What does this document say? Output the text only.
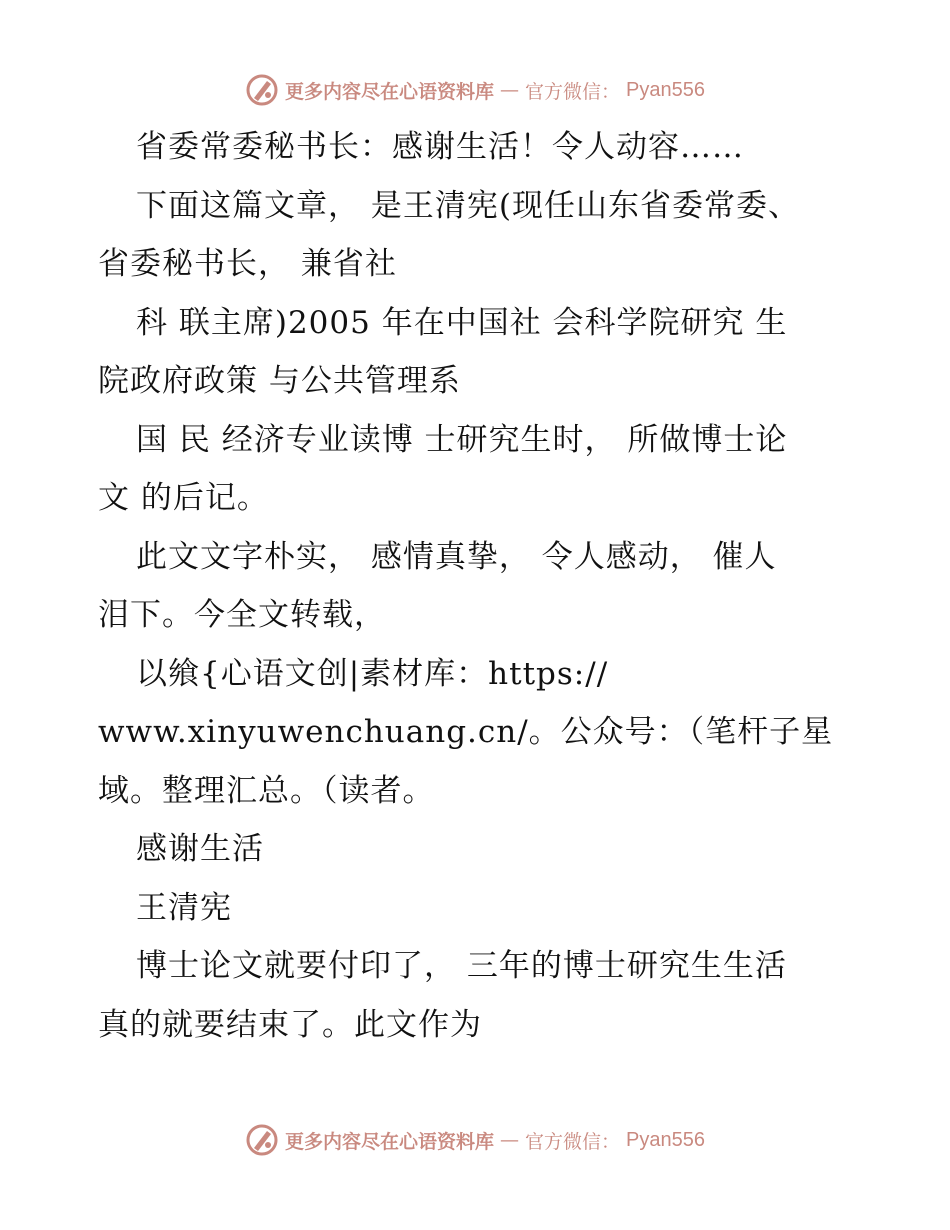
更多内容尽在心语资料库 — 官方微信： Pyan556
省委常委秘书长：感谢生活！令人动容……
下面这篇文章， 是王清宪(现任山东省委常委、
省委秘书长， 兼省社
科 联主席)2005 年在中国社 会科学院研究 生
院政府政策 与公共管理系
国 民 经济专业读博 士研究生时， 所做博士论
文 的后记。
此文文字朴实， 感情真挚， 令人感动， 催人
泪下。今全文转载，
以飨{心语文创|素材库：https://
www.xinyuwenchuang.cn/。公众号：（笔杆子星
域。整理汇总。（读者。
感谢生活
王清宪
博士论文就要付印了， 三年的博士研究生生活
真的就要结束了。此文作为
更多内容尽在心语资料库 — 官方微信： Pyan556
